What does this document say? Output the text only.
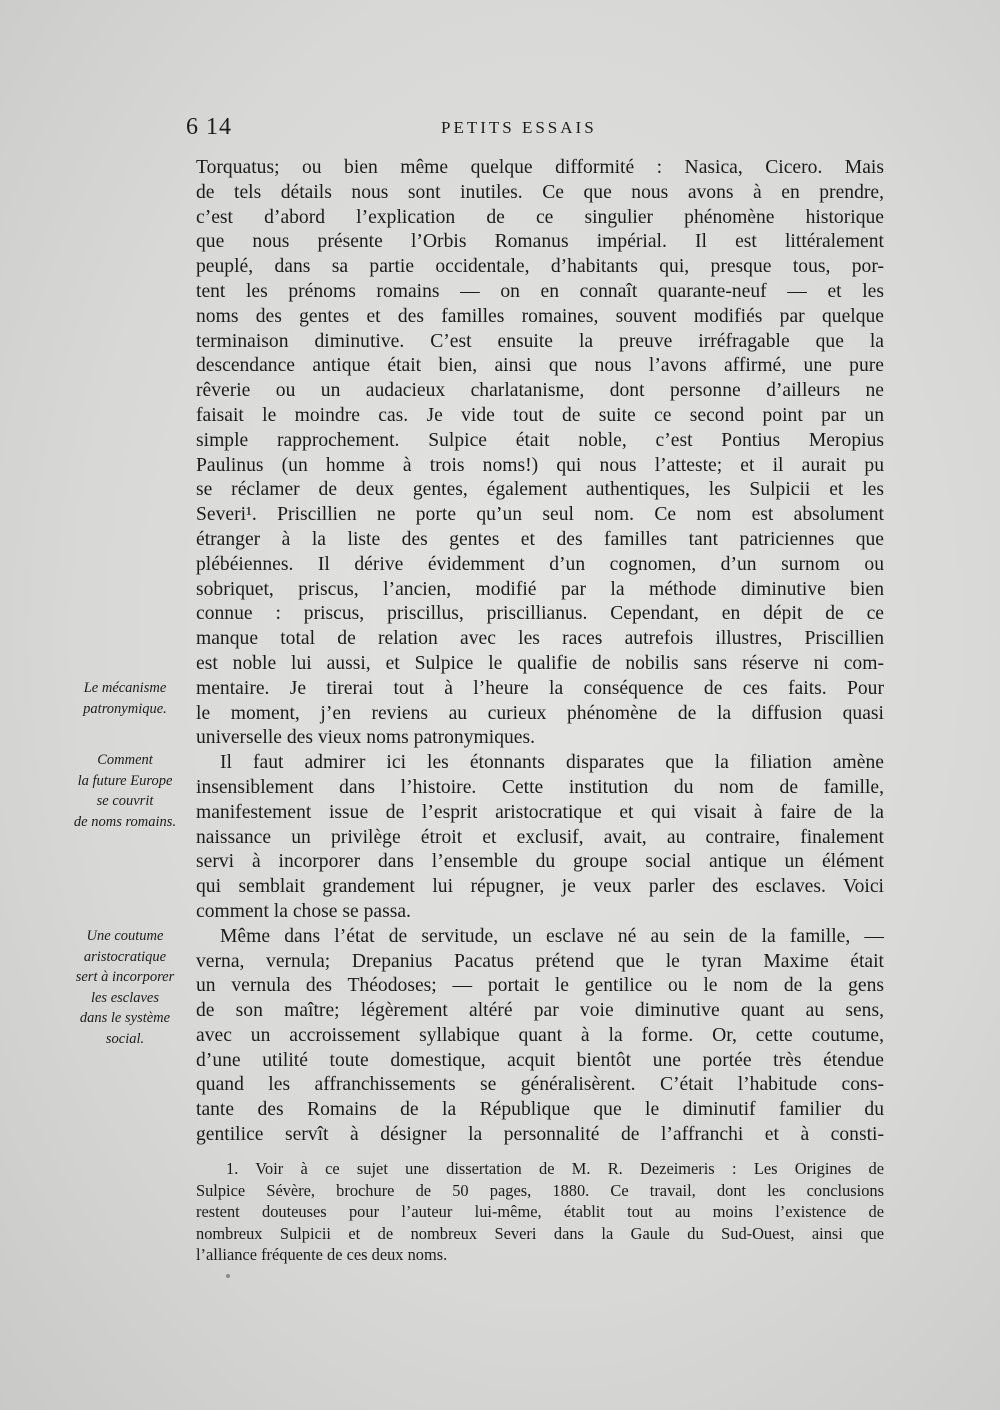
6 14	PETITS ESSAIS
Torquatus; ou bien même quelque difformité : Nasica, Cicero. Mais
de tels détails nous sont inutiles. Ce que nous avons à en prendre,
c’est d’abord l’explication de ce singulier phénomène historique
que nous présente l’Orbis Romanus impérial. Il est littéralement
peuplé, dans sa partie occidentale, d’habitants qui, presque tous, por-
tent les prénoms romains — on en connaît quarante-neuf — et les
noms des gentes et des familles romaines, souvent modifiés par quelque
terminaison diminutive. C’est ensuite la preuve irréfragable que la
descendance antique était bien, ainsi que nous l’avons affirmé, une pure
rêverie ou un audacieux charlatanisme, dont personne d’ailleurs ne
faisait le moindre cas. Je vide tout de suite ce second point par un
simple rapprochement. Sulpice était noble, c’est Pontius Meropius
Paulinus (un homme à trois noms!) qui nous l’atteste; et il aurait pu
se réclamer de deux gentes, également authentiques, les Sulpicii et les
Severi¹. Priscillien ne porte qu’un seul nom. Ce nom est absolument
étranger à la liste des gentes et des familles tant patriciennes que
plébéiennes. Il dérive évidemment d’un cognomen, d’un surnom ou
sobriquet, priscus, l’ancien, modifié par la méthode diminutive bien
connue : priscus, priscillus, priscillianus. Cependant, en dépit de ce
manque total de relation avec les races autrefois illustres, Priscillien
est noble lui aussi, et Sulpice le qualifie de nobilis sans réserve ni com-
mentaire. Je tirerai tout à l’heure la conséquence de ces faits. Pour
le moment, j’en reviens au curieux phénomène de la diffusion quasi
universelle des vieux noms patronymiques.
Il faut admirer ici les étonnants disparates que la filiation amène
insensiblement dans l’histoire. Cette institution du nom de famille,
manifestement issue de l’esprit aristocratique et qui visait à faire de la
naissance un privilège étroit et exclusif, avait, au contraire, finalement
servi à incorporer dans l’ensemble du groupe social antique un élément
qui semblait grandement lui répugner, je veux parler des esclaves. Voici
comment la chose se passa.
Même dans l’état de servitude, un esclave né au sein de la famille, —
verna, vernula; Drepanius Pacatus prétend que le tyran Maxime était
un vernula des Théodoses; — portait le gentilice ou le nom de la gens
de son maître; légèrement altéré par voie diminutive quant au sens,
avec un accroissement syllabique quant à la forme. Or, cette coutume,
d’une utilité toute domestique, acquit bientôt une portée très étendue
quand les affranchissements se généralisèrent. C’était l’habitude cons-
tante des Romains de la République que le diminutif familier du
gentilice servît à désigner la personnalité de l’affranchi et à consti-
Le mécanisme
patronymique.
Comment
la future Europe
se couvrit
de noms romains.
Une coutume
aristocratique
sert à incorporer
les esclaves
dans le système
social.
1. Voir à ce sujet une dissertation de M. R. Dezeimeris : Les Origines de
Sulpice Sévère, brochure de 50 pages, 1880. Ce travail, dont les conclusions
restent douteuses pour l’auteur lui-même, établit tout au moins l’existence de
nombreux Sulpicii et de nombreux Severi dans la Gaule du Sud-Ouest, ainsi que
l’alliance fréquente de ces deux noms.
